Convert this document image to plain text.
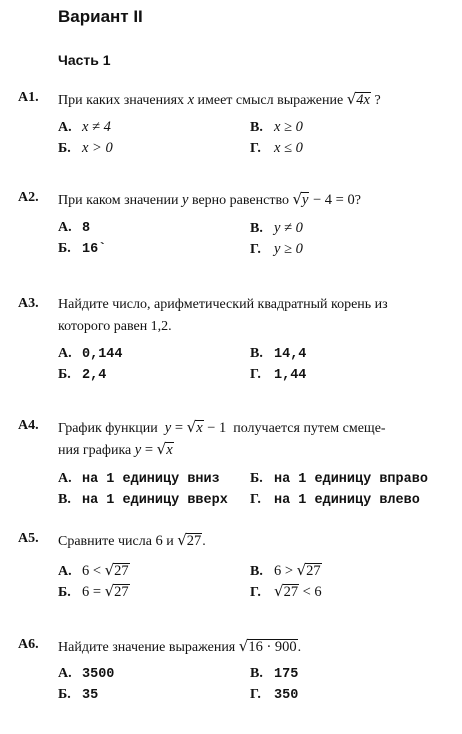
Вариант II
Часть 1
А1. При каких значениях x имеет смысл выражение √4x ?
А. x ≠ 4
Б. x > 0
В. x ≥ 0
Г. x ≤ 0
А2. При каком значении y верно равенство √y − 4 = 0?
А. 8
Б. 16`
В. y ≠ 0
Г. y ≥ 0
А3. Найдите число, арифметический квадратный корень из
которого равен 1,2.
А. 0,144
Б. 2,4
В. 14,4
Г. 1,44
А4. График функции y = √x − 1 получается путем смеще-
ния графика y = √x
А. на 1 единицу вниз
В. на 1 единицу вверх
Б. на 1 единицу вправо
Г. на 1 единицу влево
А5. Сравните числа 6 и √27.
А. 6 < √27
Б. 6 = √27
В. 6 > √27
Г. √27 < 6
А6. Найдите значение выражения √16 · 900.
А. 3500
Б. 35
В. 175
Г. 350
